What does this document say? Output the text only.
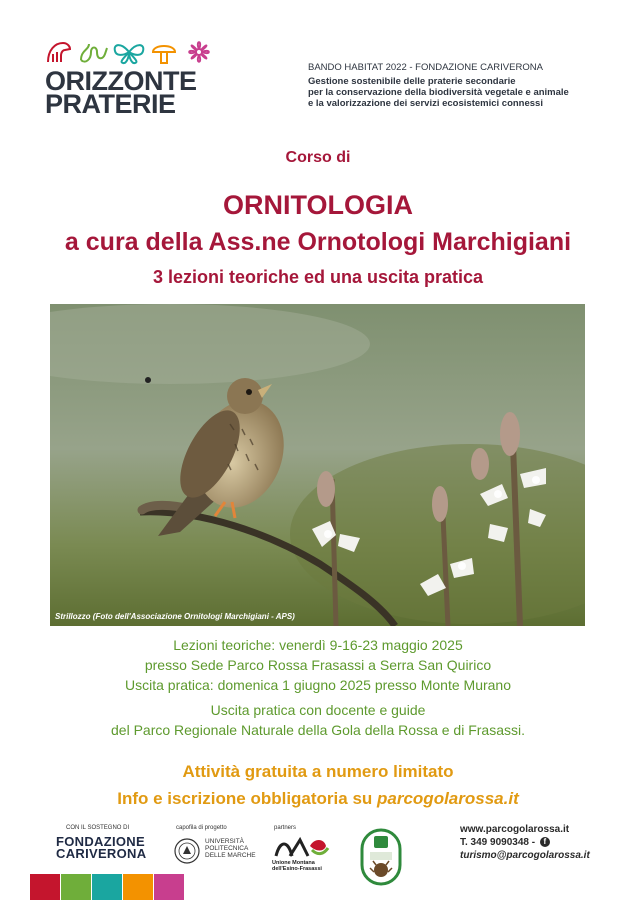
ORIZZONTE
PRATERIE
BANDO HABITAT 2022 - FONDAZIONE CARIVERONA
Gestione sostenibile delle praterie secondarie
per la conservazione della biodiversità vegetale e animale
e la valorizzazione dei servizi ecosistemici connessi
Corso di
ORNITOLOGIA
a cura della Ass.ne Ornotologi Marchigiani
3 lezioni teoriche ed una uscita pratica
Strillozzo (Foto dell'Associazione Ornitologi Marchigiani - APS)
Lezioni teoriche: venerdì 9-16-23 maggio 2025
presso Sede Parco Rossa Frasassi a Serra San Quirico
Uscita pratica: domenica 1 giugno 2025 presso Monte Murano
Uscita pratica con docente e guide
del Parco Regionale Naturale della Gola della Rossa e di Frasassi.
Attività gratuita a numero limitato
Info e iscrizione obbligatoria su parcogolarossa.it
CON IL SOSTEGNO DI
FONDAZIONE
CARIVERONA
capofila di progetto
UNIVERSITÀ
POLITECNICA
DELLE MARCHE
partners
Unione Montana
dell'Esino-Frasassi
www.parcogolarossa.it
T. 349 9090348 - f
turismo@parcogolarossa.it
